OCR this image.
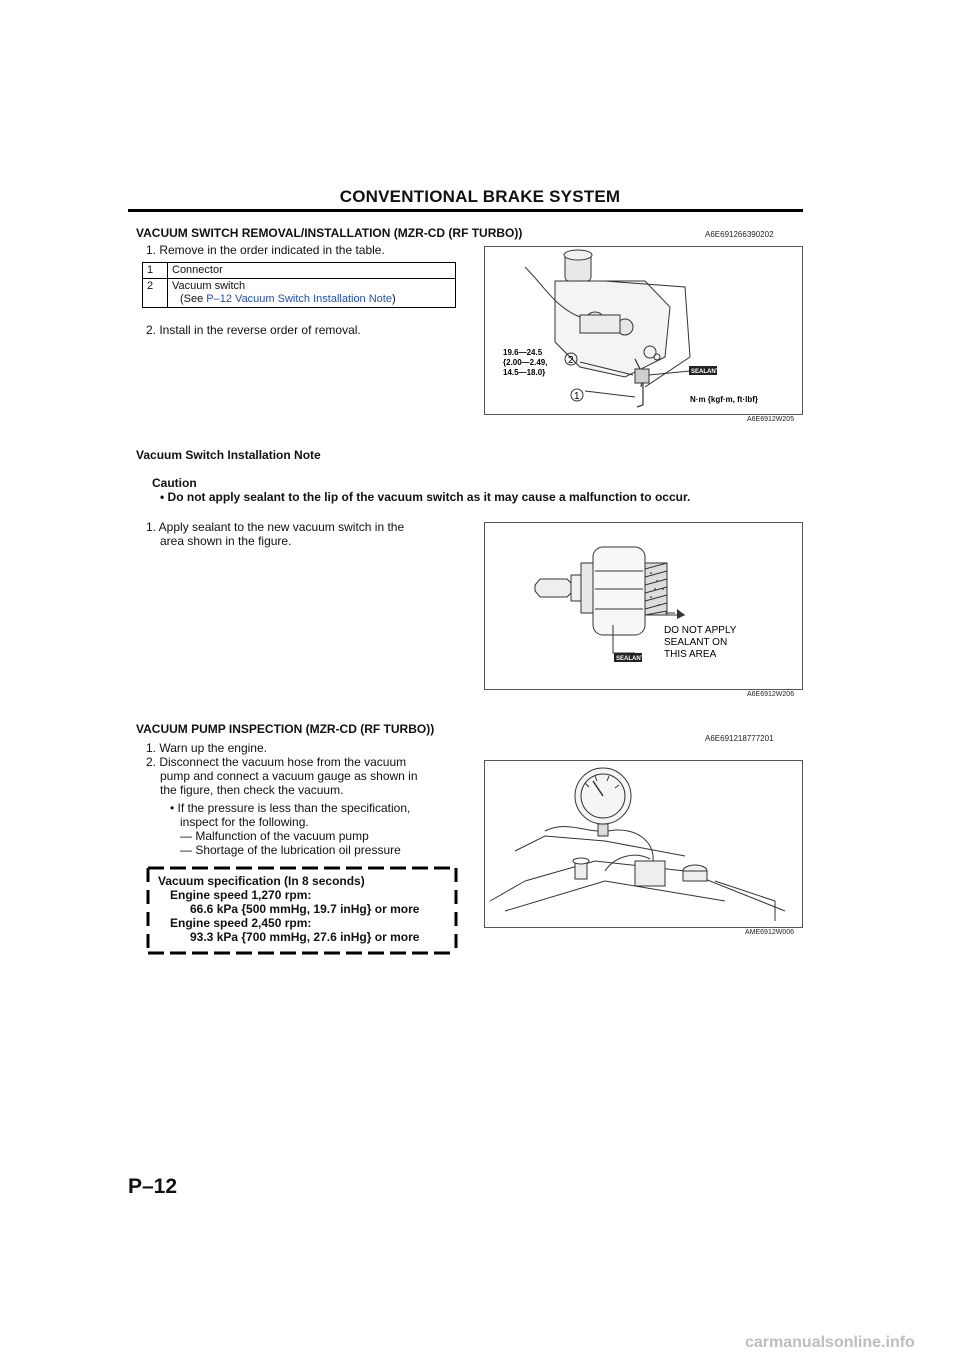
CONVENTIONAL BRAKE SYSTEM
VACUUM SWITCH REMOVAL/INSTALLATION (MZR-CD (RF TURBO))	A6E691266390202
1. Remove in the order indicated in the table.
1	Connector
2	Vacuum switch
(See P–12 Vacuum Switch Installation Note)
2. Install in the reverse order of removal.
SEALANT
2
1
19.6—24.5
{2.00—2.49,
14.5—18.0}
N·m {kgf·m, ft·lbf}
A6E6912W205
Vacuum Switch Installation Note
Caution
• Do not apply sealant to the lip of the vacuum switch as it may cause a malfunction to occur.
1. Apply sealant to the new vacuum switch in the
area shown in the figure.
SEALANT
DO NOT APPLY
SEALANT ON
THIS AREA
A6E6912W206
VACUUM PUMP INSPECTION (MZR-CD (RF TURBO))
A6E691218777201
1. Warn up the engine.
2. Disconnect the vacuum hose from the vacuum
pump and connect a vacuum gauge as shown in
the figure, then check the vacuum.
• If the pressure is less than the specification,
inspect for the following.
— Malfunction of the vacuum pump
— Shortage of the lubrication oil pressure
Vacuum specification (In 8 seconds)
Engine speed 1,270 rpm:
66.6 kPa {500 mmHg, 19.7 inHg} or more
Engine speed 2,450 rpm:
93.3 kPa {700 mmHg, 27.6 inHg} or more	AME6912W006
P–12
carmanualsonline.info
